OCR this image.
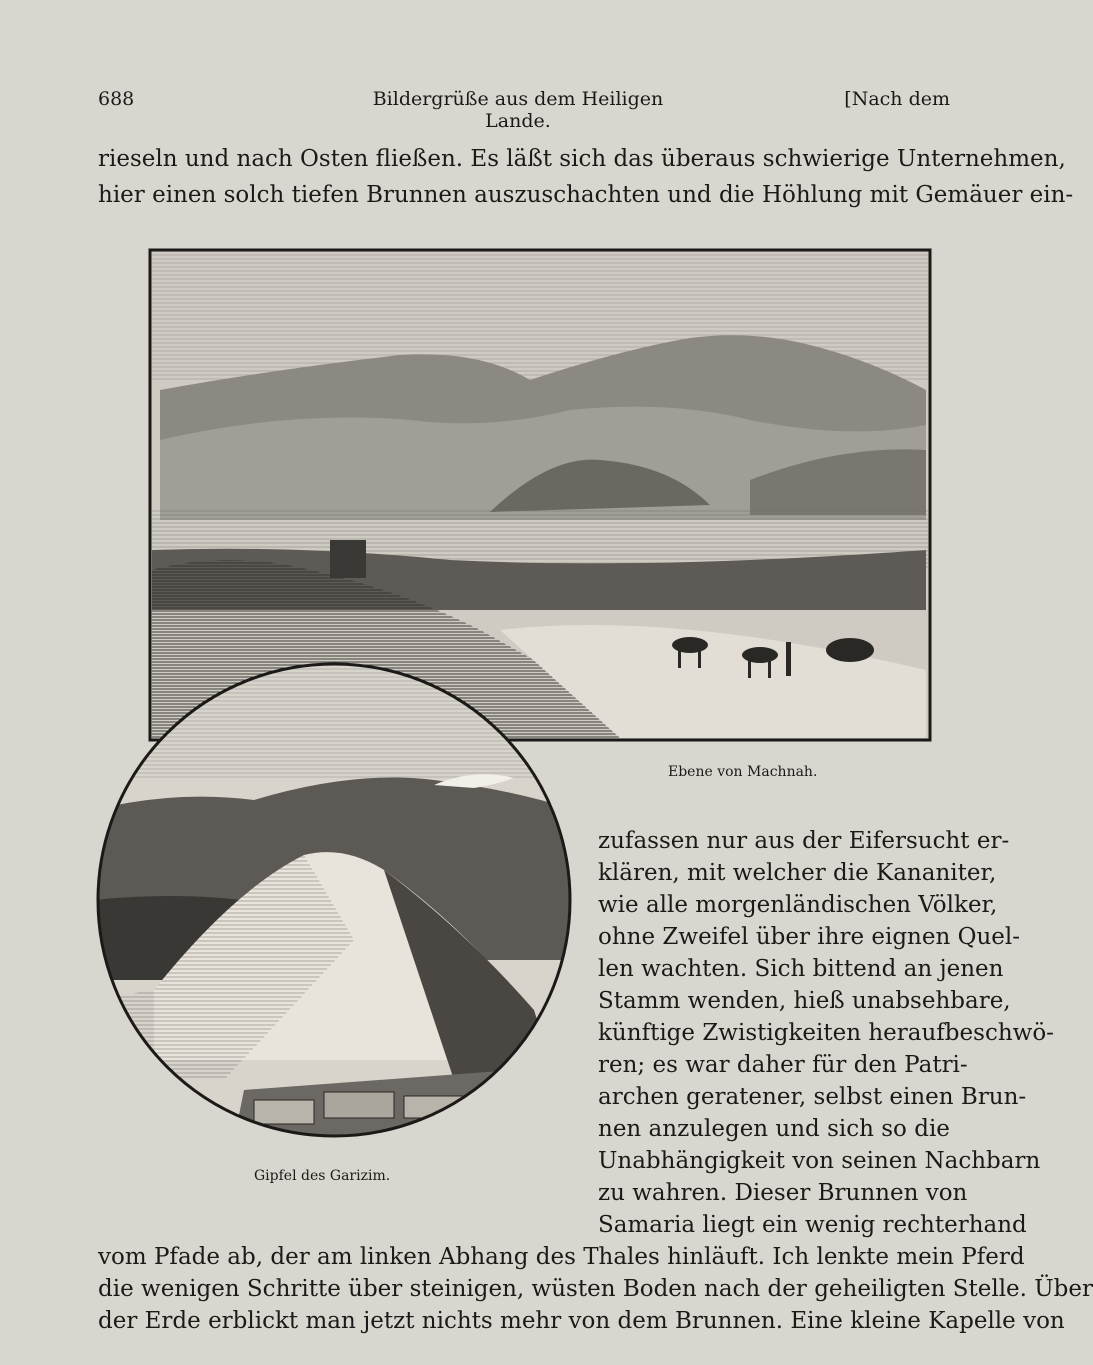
688	Bildergrüße aus dem Heiligen Lande.
[Nach dem
rieseln und nach Osten fließen. Es läßt sich das überaus schwierige Unternehmen,
hier einen solch tiefen Brunnen auszuschachten und die Höhlung mit Gemäuer ein-
Ebene von Machnah.
Gipfel des Garizim.
zufassen nur aus der Eifersucht er-
klären, mit welcher die Kananiter,
wie alle morgenländischen Völker,
ohne Zweifel über ihre eignen Quel-
len wachten. Sich bittend an jenen
Stamm wenden, hieß unabsehbare,
künftige Zwistigkeiten heraufbeschwö-
ren; es war daher für den Patri-
archen geratener, selbst einen Brun-
nen anzulegen und sich so die
Unabhängigkeit von seinen Nachbarn
zu wahren. Dieser Brunnen von
Samaria liegt ein wenig rechterhand
vom Pfade ab, der am linken Abhang des Thales hinläuft. Ich lenkte mein Pferd
die wenigen Schritte über steinigen, wüsten Boden nach der geheiligten Stelle. Über
der Erde erblickt man jetzt nichts mehr von dem Brunnen. Eine kleine Kapelle von
